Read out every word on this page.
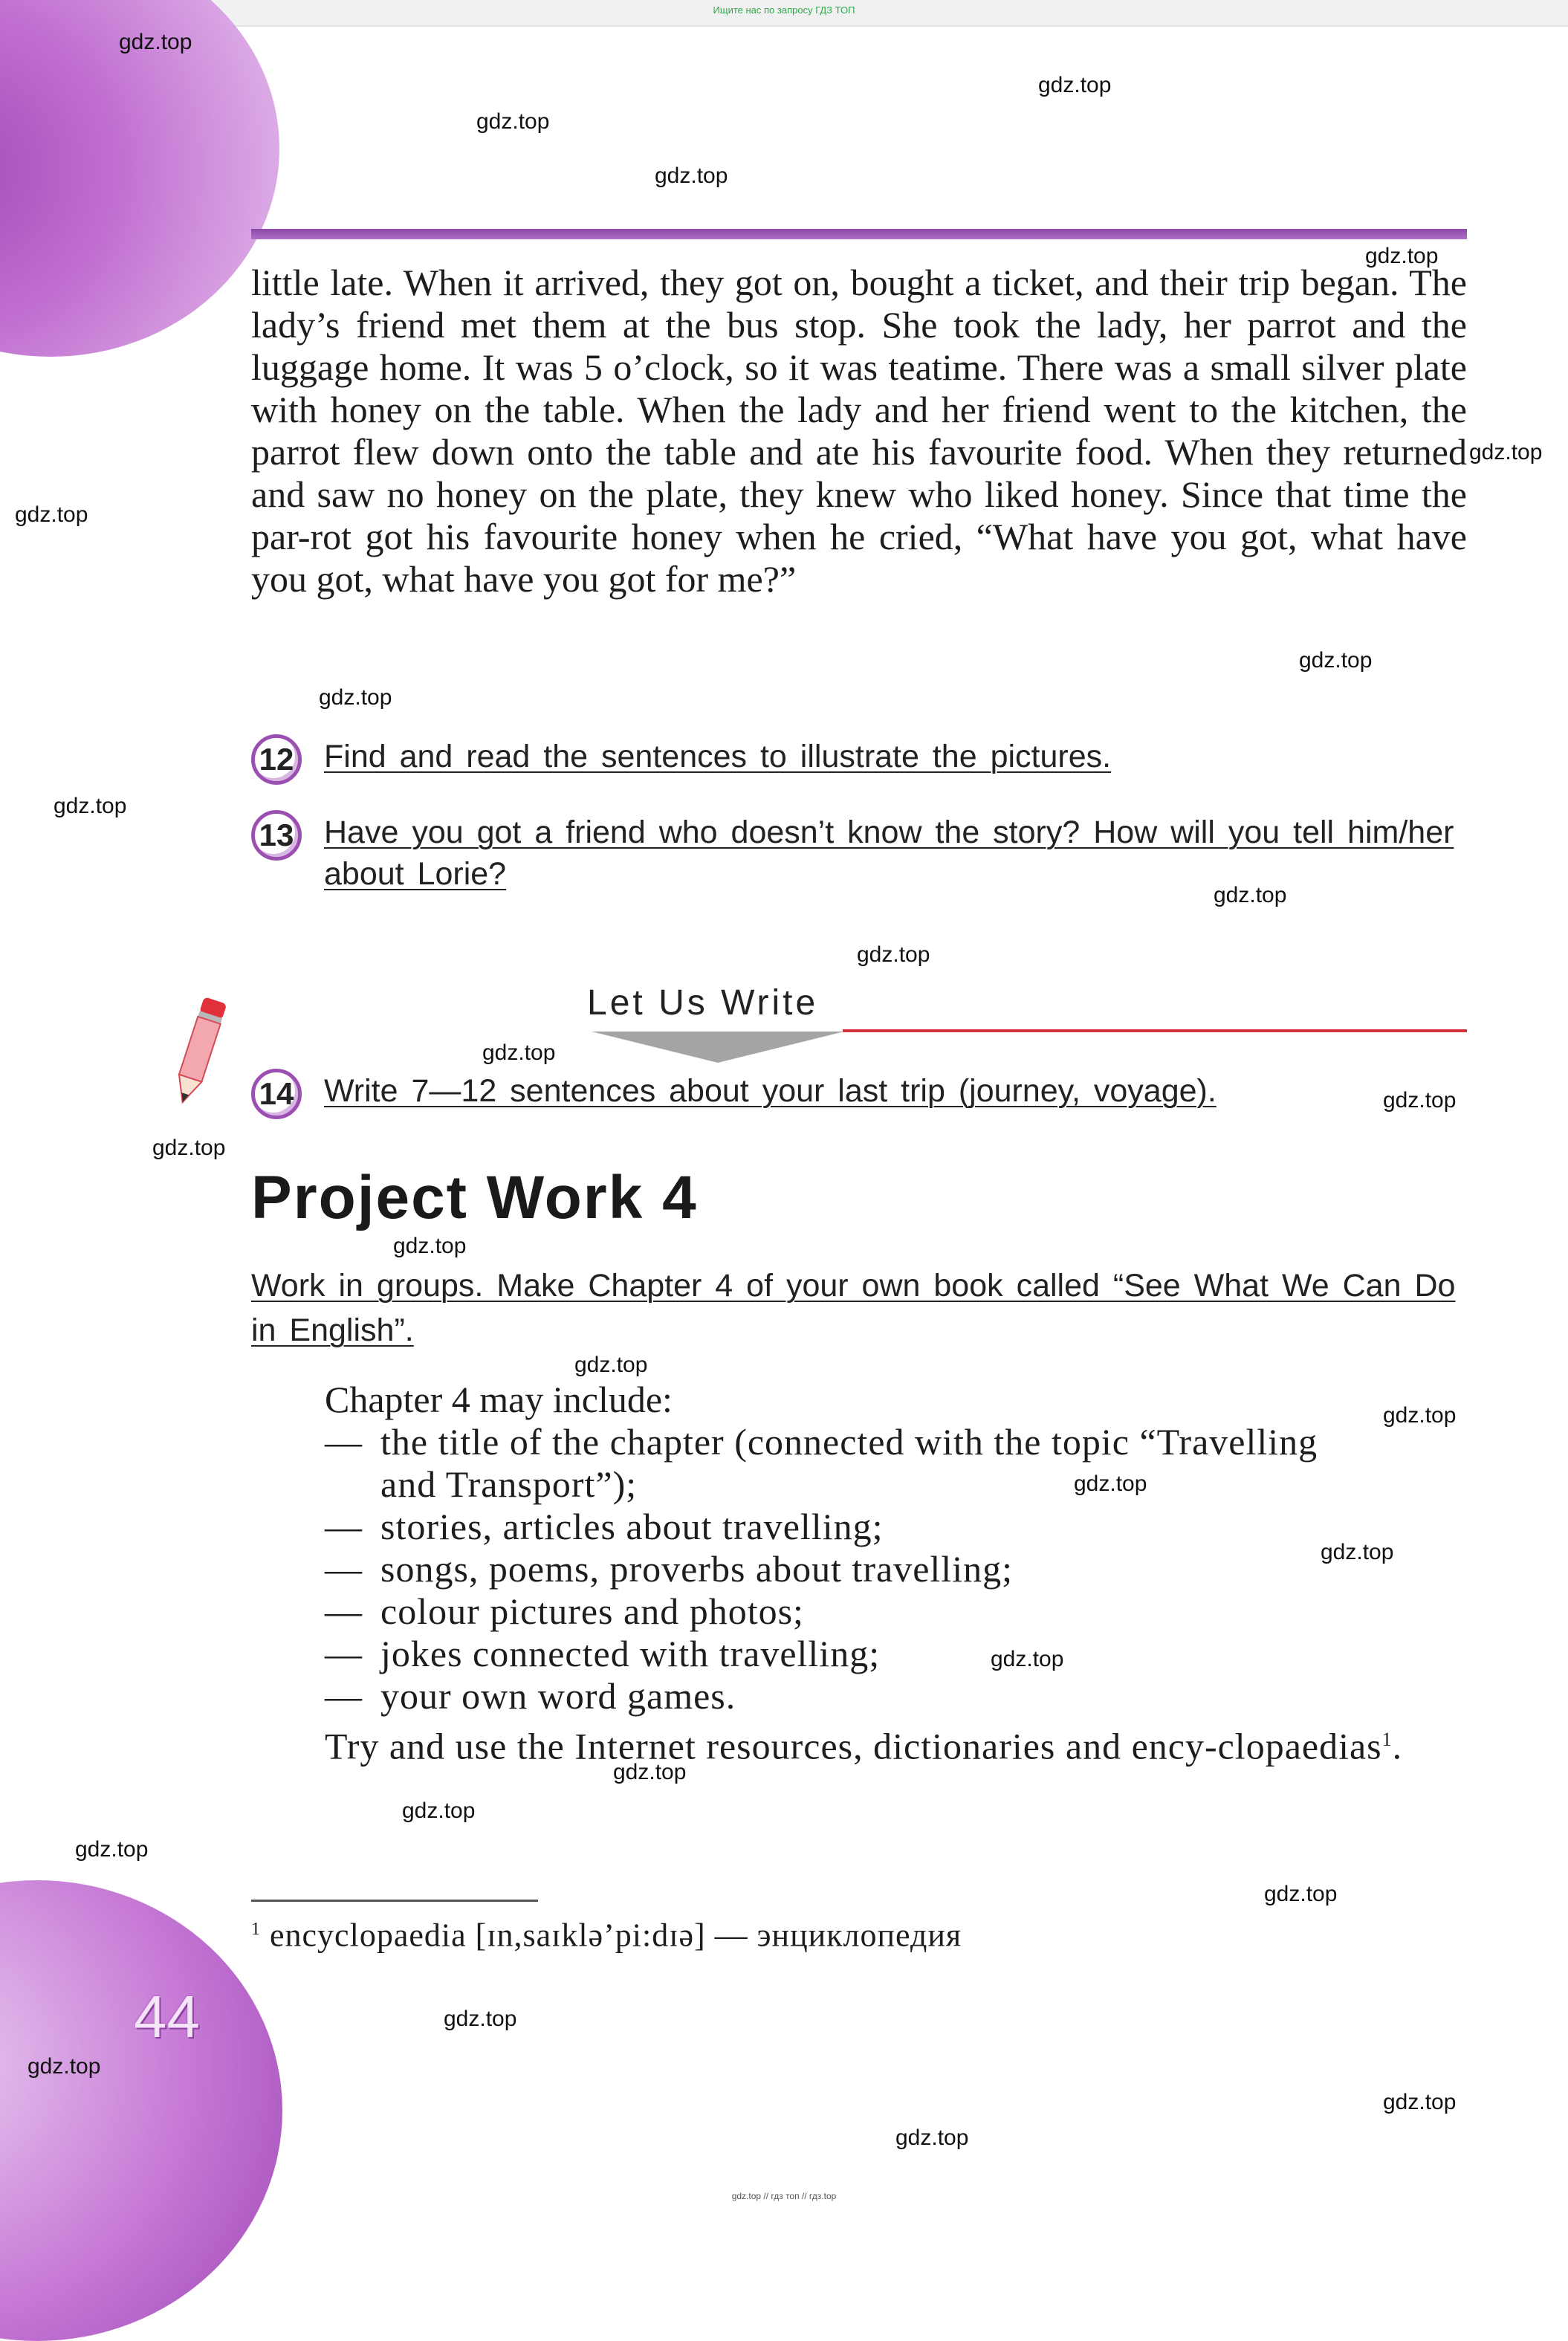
Ищите нас по запросу ГДЗ ТОП
44

little late. When it arrived, they got on, bought a ticket, and their trip began. The lady’s friend met them at the bus stop. She took the lady, her parrot and the luggage home. It was 5 o’clock, so it was teatime. There was a small silver plate with honey on the table. When the lady and her friend went to the kitchen, the parrot flew down onto the table and ate his favourite food. When they returned and saw no honey on the plate, they knew who liked honey. Since that time the par-rot got his favourite honey when he cried, “What have you got, what have you got, what have you got for me?”

12 Find and read the sentences to illustrate the pictures.
13 Have you got a friend who doesn’t know the story? How will you tell him/her about Lorie?
Let Us Write
14 Write 7—12 sentences about your last trip (journey, voyage).
Project Work 4
Work in groups. Make Chapter 4 of your own book called “See What We Can Do in English”.
Chapter 4 may include:
— the title of the chapter (connected with the topic “Travelling and Transport”);
— stories, articles about travelling;
— songs, poems, proverbs about travelling;
— colour pictures and photos;
— jokes connected with travelling;
— your own word games.

Try and use the Internet resources, dictionaries and ency-clopaedias$^1$.

$^1$ encyclopaedia [ɪn,saɪklə’pi:dɪə] — энциклопедия
gdz.top
gdz.top
gdz.top
gdz.top
gdz.top
gdz.top
gdz.top
gdz.top
gdz.top
gdz.top
gdz.top
gdz.top
gdz.top
gdz.top
gdz.top
gdz.top
gdz.top
gdz.top
gdz.top
gdz.top
gdz.top
gdz.top
gdz.top
gdz.top
gdz.top
gdz.top
gdz.top
gdz.top
gdz.top
gdz.top // гдз топ // гдз.top
